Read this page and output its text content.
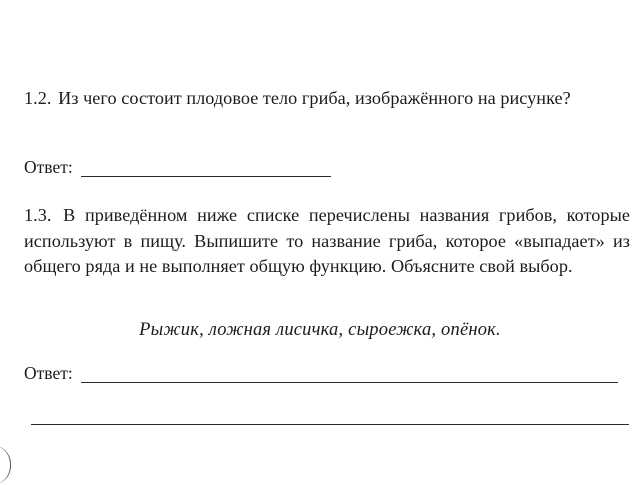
1.2. Из чего состоит плодовое тело гриба, изображённого на рисунке?
Ответ:
1.3. В приведённом ниже списке перечислены названия грибов, которые используют в пищу. Выпишите то название гриба, которое «выпадает» из общего ряда и не выполняет общую функцию. Объясните свой выбор.
Рыжик, ложная лисичка, сыроежка, опёнок.
Ответ:
